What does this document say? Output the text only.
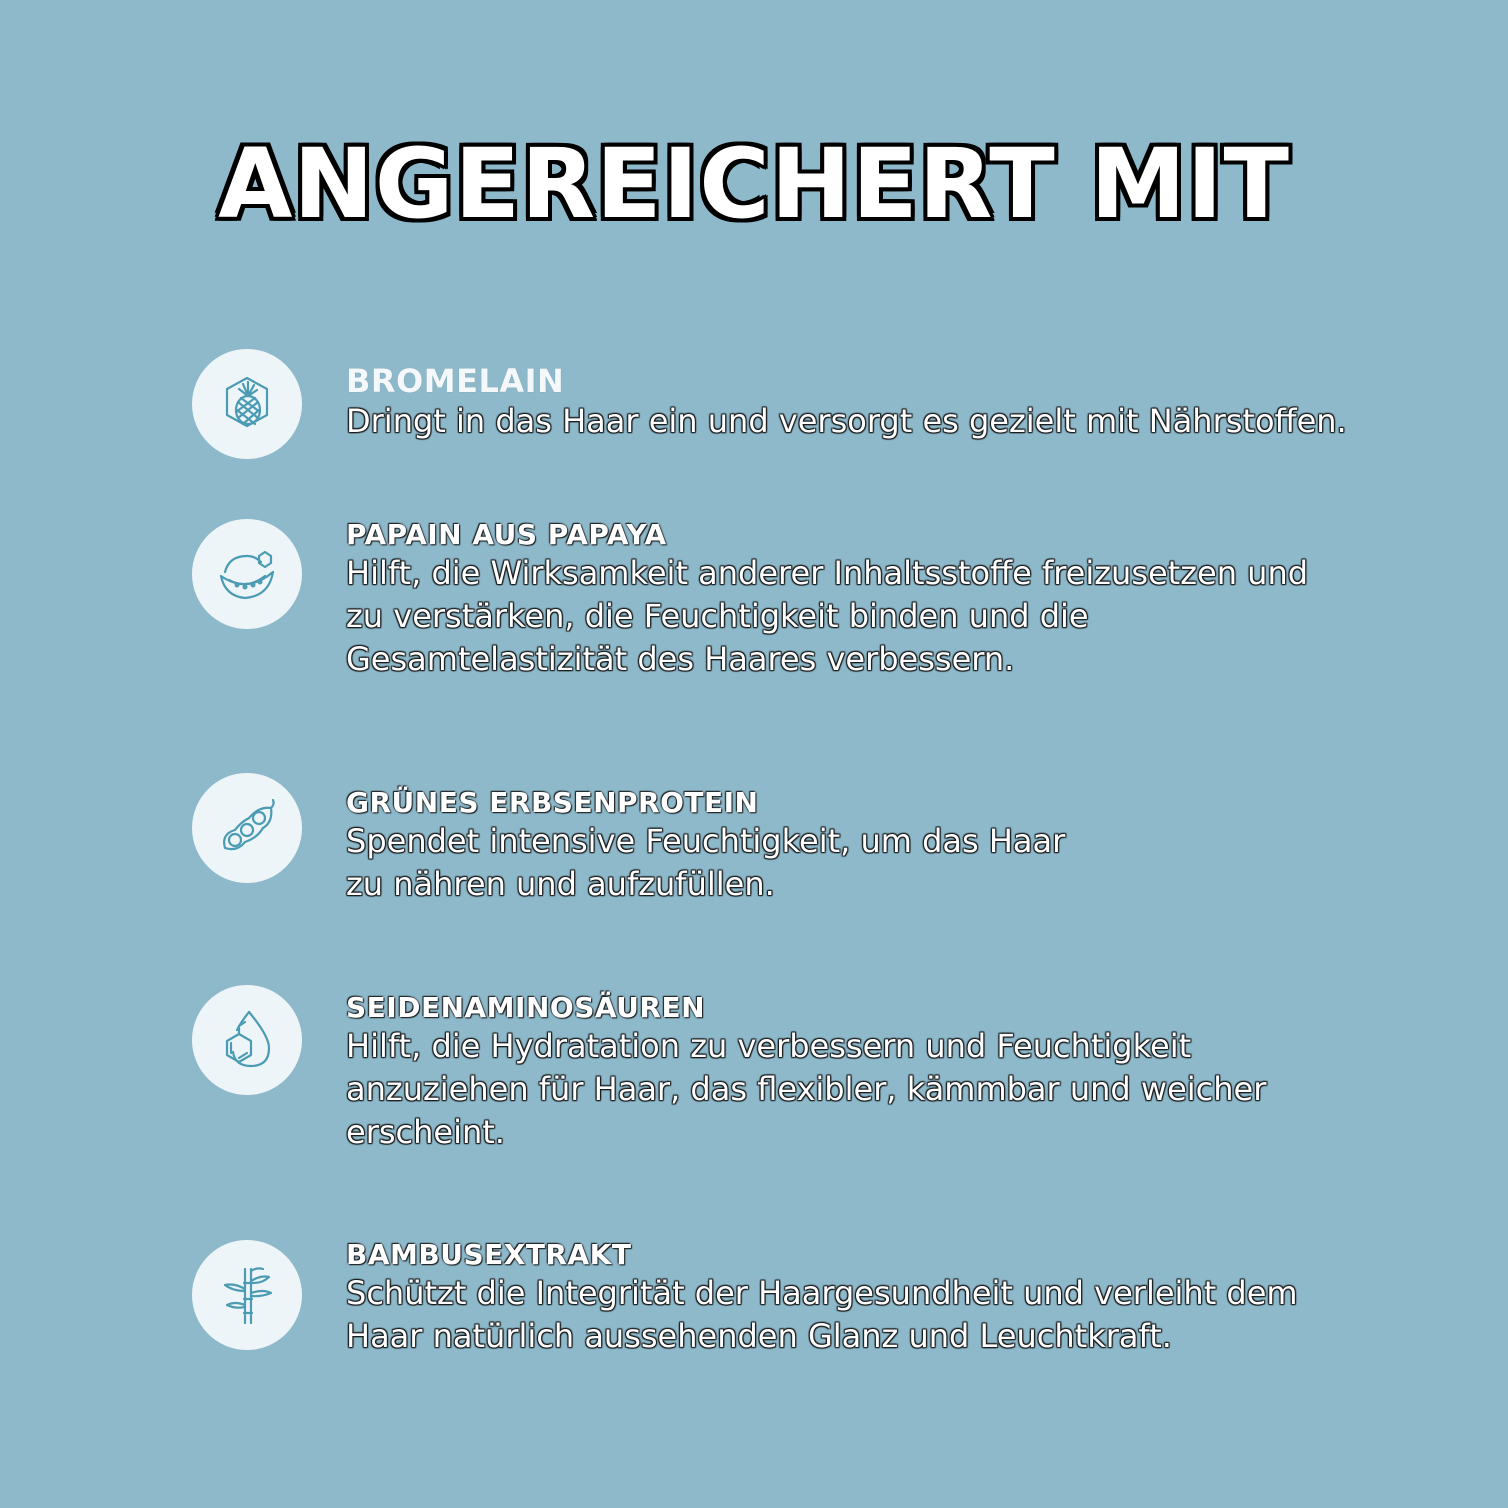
ANGEREICHERT MIT
BROMELAIN
Dringt in das Haar ein und versorgt es gezielt mit Nährstoffen.
PAPAIN AUS PAPAYA
Hilft, die Wirksamkeit anderer Inhaltsstoffe freizusetzen und
zu verstärken, die Feuchtigkeit binden und die
Gesamtelastizität des Haares verbessern.
GRÜNES ERBSENPROTEIN
Spendet intensive Feuchtigkeit, um das Haar
zu nähren und aufzufüllen.
SEIDENAMINOSÄUREN
Hilft, die Hydratation zu verbessern und Feuchtigkeit
anzuziehen für Haar, das flexibler, kämmbar und weicher
erscheint.
BAMBUSEXTRAKT
Schützt die Integrität der Haargesundheit und verleiht dem
Haar natürlich aussehenden Glanz und Leuchtkraft.
